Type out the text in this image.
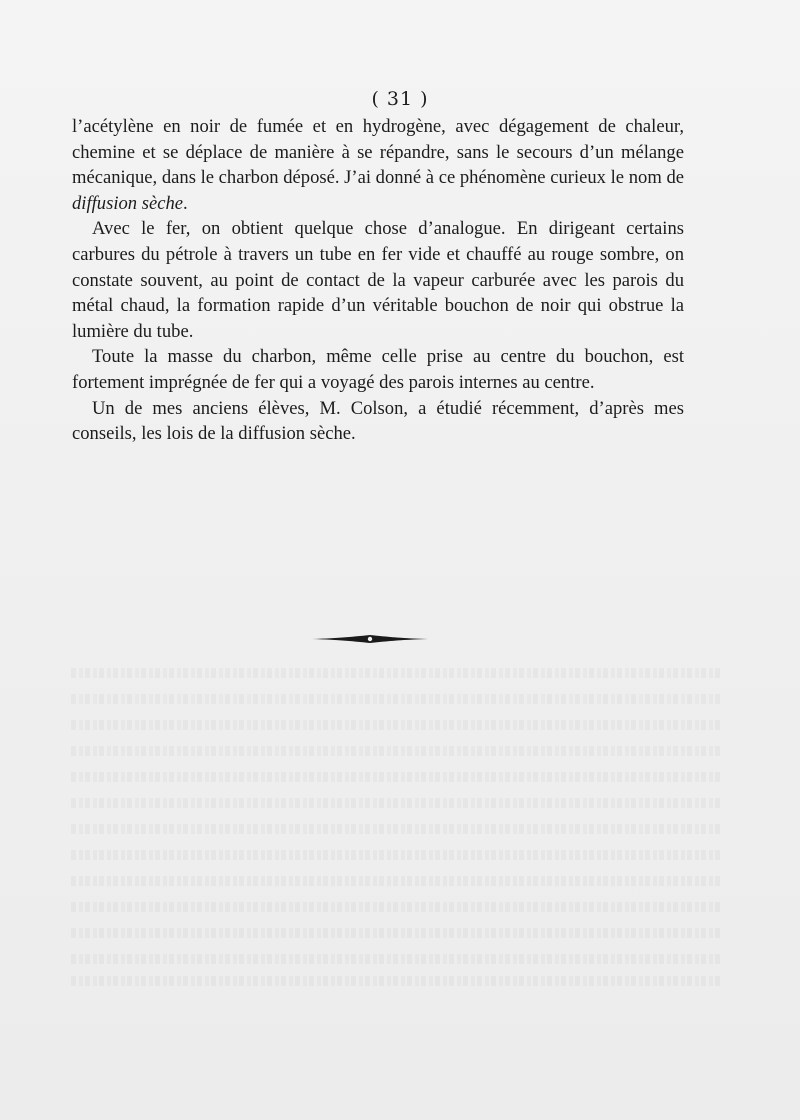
( 31 )

l’acétylène en noir de fumée et en hydrogène, avec dégagement de chaleur, chemine et se déplace de manière à se répandre, sans le secours d’un mélange mécanique, dans le charbon déposé. J’ai donné à ce phénomène curieux le nom de diffusion sèche.

Avec le fer, on obtient quelque chose d’analogue. En dirigeant certains carbures du pétrole à travers un tube en fer vide et chauffé au rouge sombre, on constate souvent, au point de contact de la vapeur carburée avec les parois du métal chaud, la formation rapide d’un véritable bouchon de noir qui obstrue la lumière du tube.

Toute la masse du charbon, même celle prise au centre du bouchon, est fortement imprégnée de fer qui a voyagé des parois internes au centre.

Un de mes anciens élèves, M. Colson, a étudié récemment, d’après mes conseils, les lois de la diffusion sèche.
